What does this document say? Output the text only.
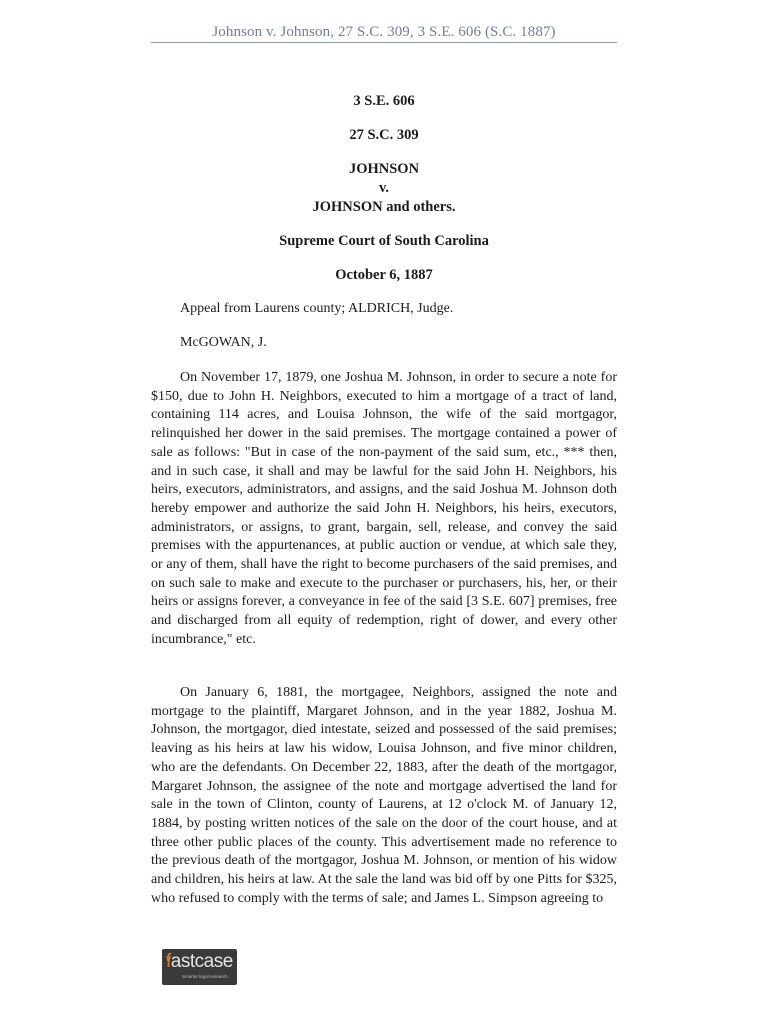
Johnson v. Johnson, 27 S.C. 309, 3 S.E. 606 (S.C. 1887)
3 S.E. 606
27 S.C. 309
JOHNSON
v.
JOHNSON and others.
Supreme Court of South Carolina
October 6, 1887
Appeal from Laurens county; ALDRICH, Judge.
McGOWAN, J.
On November 17, 1879, one Joshua M. Johnson, in order to secure a note for $150, due to John H. Neighbors, executed to him a mortgage of a tract of land, containing 114 acres, and Louisa Johnson, the wife of the said mortgagor, relinquished her dower in the said premises. The mortgage contained a power of sale as follows: "But in case of the non-payment of the said sum, etc., *** then, and in such case, it shall and may be lawful for the said John H. Neighbors, his heirs, executors, administrators, and assigns, and the said Joshua M. Johnson doth hereby empower and authorize the said John H. Neighbors, his heirs, executors, administrators, or assigns, to grant, bargain, sell, release, and convey the said premises with the appurtenances, at public auction or vendue, at which sale they, or any of them, shall have the right to become purchasers of the said premises, and on such sale to make and execute to the purchaser or purchasers, his, her, or their heirs or assigns forever, a conveyance in fee of the said [3 S.E. 607] premises, free and discharged from all equity of redemption, right of dower, and every other incumbrance," etc.
On January 6, 1881, the mortgagee, Neighbors, assigned the note and mortgage to the plaintiff, Margaret Johnson, and in the year 1882, Joshua M. Johnson, the mortgagor, died intestate, seized and possessed of the said premises; leaving as his heirs at law his widow, Louisa Johnson, and five minor children, who are the defendants. On December 22, 1883, after the death of the mortgagor, Margaret Johnson, the assignee of the note and mortgage advertised the land for sale in the town of Clinton, county of Laurens, at 12 o'clock M. of January 12, 1884, by posting written notices of the sale on the door of the court house, and at three other public places of the county. This advertisement made no reference to the previous death of the mortgagor, Joshua M. Johnson, or mention of his widow and children, his heirs at law. At the sale the land was bid off by one Pitts for $325, who refused to comply with the terms of sale; and James L. Simpson agreeing to
fastcase
Smarter legal research.
